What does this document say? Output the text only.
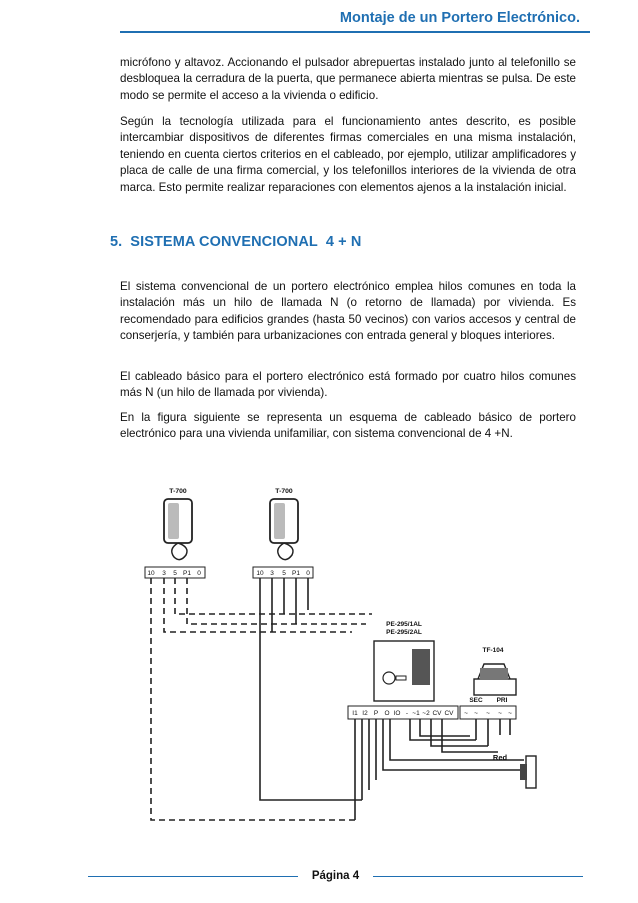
Montaje de un Portero Electrónico.
micrófono y altavoz. Accionando el pulsador abrepuertas instalado junto al telefonillo se desbloquea la cerradura de la puerta, que permanece abierta mientras se pulsa. De este modo se permite el acceso a la vivienda o edificio.
Según la tecnología utilizada para el funcionamiento antes descrito, es posible intercambiar dispositivos de diferentes firmas comerciales en una misma instalación, teniendo en cuenta ciertos criterios en el cableado, por ejemplo, utilizar amplificadores y placa de calle de una firma comercial, y los telefonillos interiores de la vivienda de otra marca. Esto permite realizar reparaciones con elementos ajenos a la instalación inicial.
5. SISTEMA CONVENCIONAL 4 + N
El sistema convencional de un portero electrónico emplea hilos comunes en toda la instalación más un hilo de llamada N (o retorno de llamada) por vivienda. Es recomendado para edificios grandes (hasta 50 vecinos) con varios accesos y central de conserjería, y también para urbanizaciones con entrada general y bloques interiores.
El cableado básico para el portero electrónico está formado por cuatro hilos comunes más N (un hilo de llamada por vivienda).
En la figura siguiente se representa un esquema de cableado básico de portero electrónico para una vivienda unifamiliar, con sistema convencional de 4 +N.
T-700	T-700
10 3 5 P1 0	10 3 5 P1 0
PE-295/1AL
PE-295/2AL
TF-104
SEC PRI
~ ~ ~ ~ ~
I1 I2 P O IO - ~1 ~2 CV CV
Red
Página 4
